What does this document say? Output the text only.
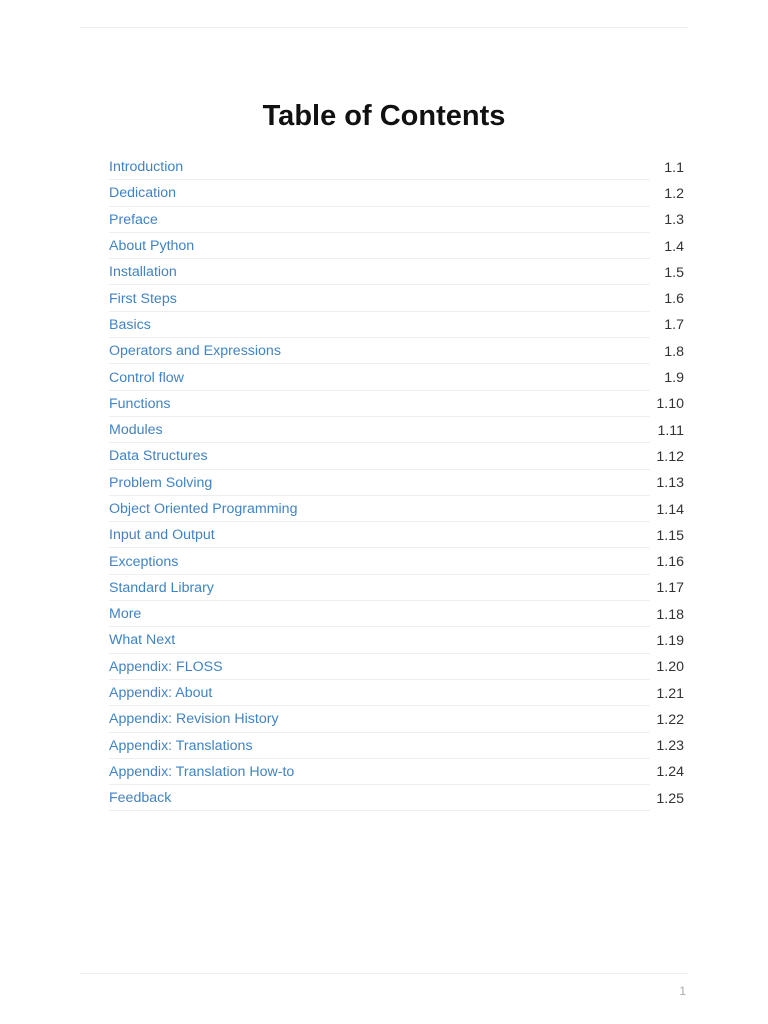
Table of Contents
Introduction	1.1
Dedication	1.2
Preface	1.3
About Python	1.4
Installation	1.5
First Steps	1.6
Basics	1.7
Operators and Expressions	1.8
Control flow	1.9
Functions	1.10
Modules	1.11
Data Structures	1.12
Problem Solving	1.13
Object Oriented Programming	1.14
Input and Output	1.15
Exceptions	1.16
Standard Library	1.17
More	1.18
What Next	1.19
Appendix: FLOSS	1.20
Appendix: About	1.21
Appendix: Revision History	1.22
Appendix: Translations	1.23
Appendix: Translation How-to	1.24
Feedback	1.25
1
